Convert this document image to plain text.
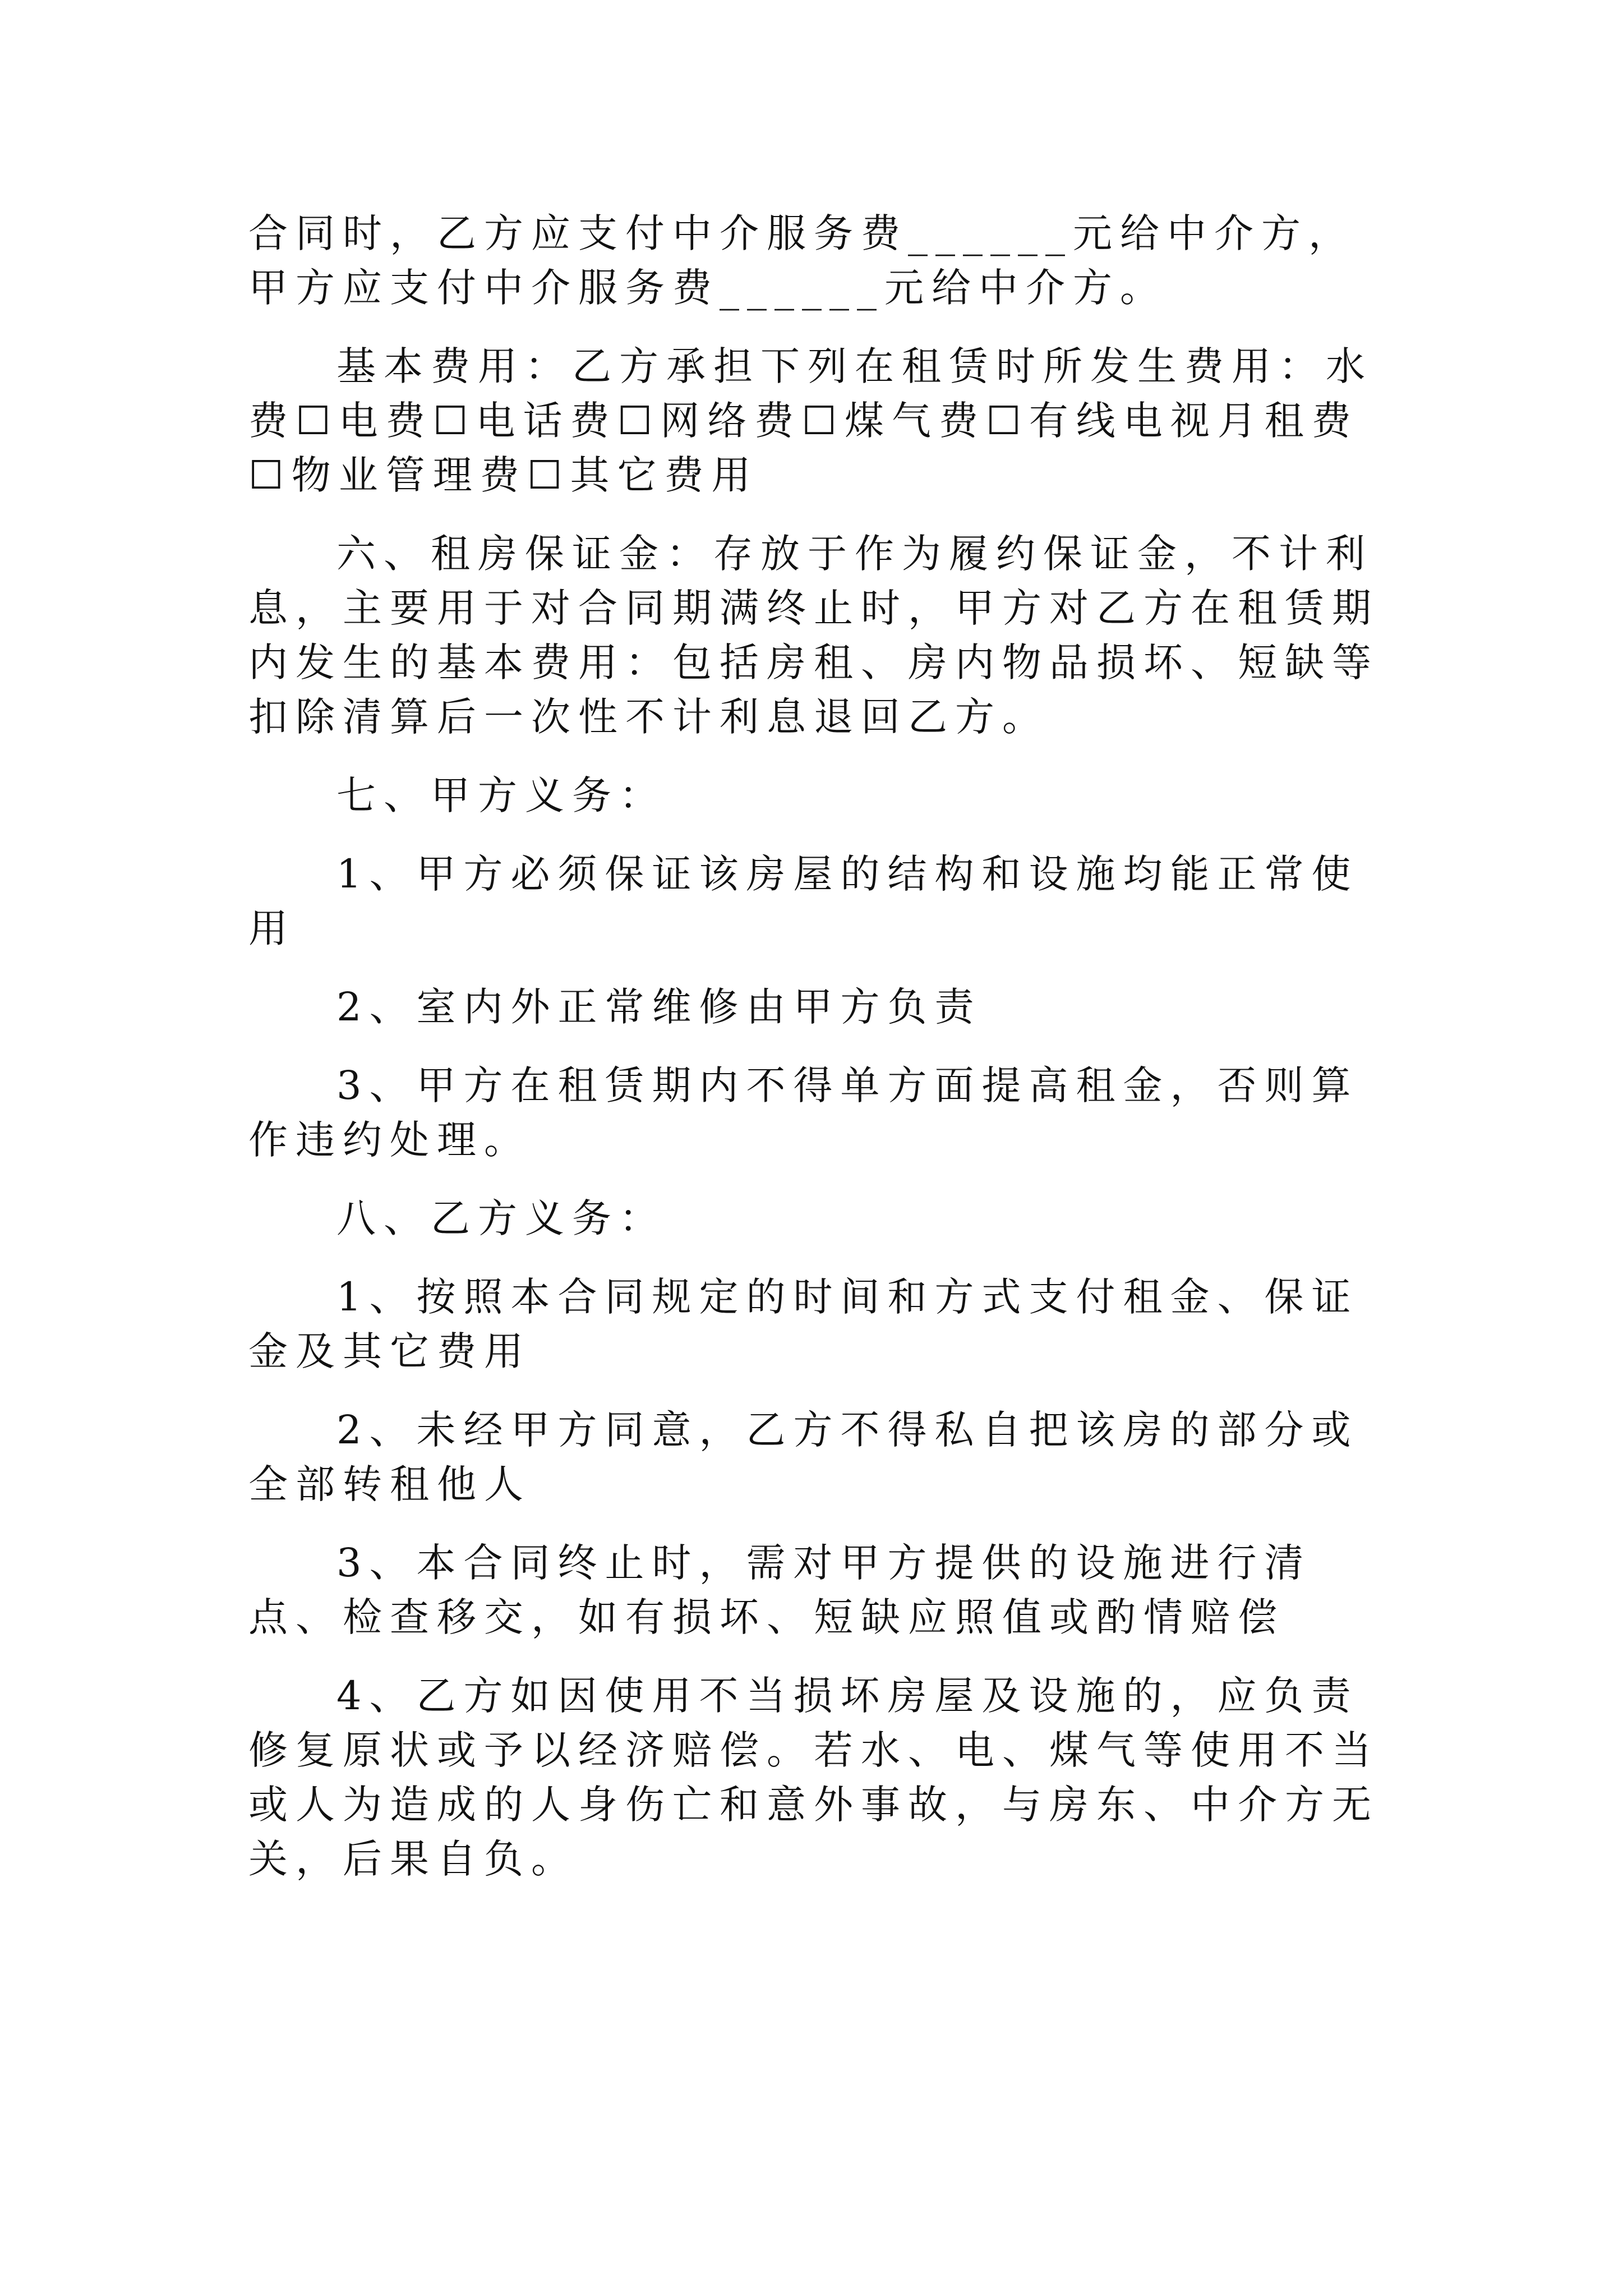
合同时，乙方应支付中介服务费______元给中介方，甲方应支付中介服务费______元给中介方。

基本费用：乙方承担下列在租赁时所发生费用：水费☐电费☐电话费☐网络费☐煤气费☐有线电视月租费☐物业管理费☐其它费用

六、租房保证金：存放于作为履约保证金，不计利息，主要用于对合同期满终止时，甲方对乙方在租赁期内发生的基本费用：包括房租、房内物品损坏、短缺等扣除清算后一次性不计利息退回乙方。

七、甲方义务：

1、甲方必须保证该房屋的结构和设施均能正常使用

2、室内外正常维修由甲方负责

3、甲方在租赁期内不得单方面提高租金，否则算作违约处理。

八、乙方义务：

1、按照本合同规定的时间和方式支付租金、保证金及其它费用

2、未经甲方同意，乙方不得私自把该房的部分或全部转租他人

3、本合同终止时，需对甲方提供的设施进行清点、检查移交，如有损坏、短缺应照值或酌情赔偿

4、乙方如因使用不当损坏房屋及设施的，应负责修复原状或予以经济赔偿。若水、电、煤气等使用不当或人为造成的人身伤亡和意外事故，与房东、中介方无关，后果自负。
